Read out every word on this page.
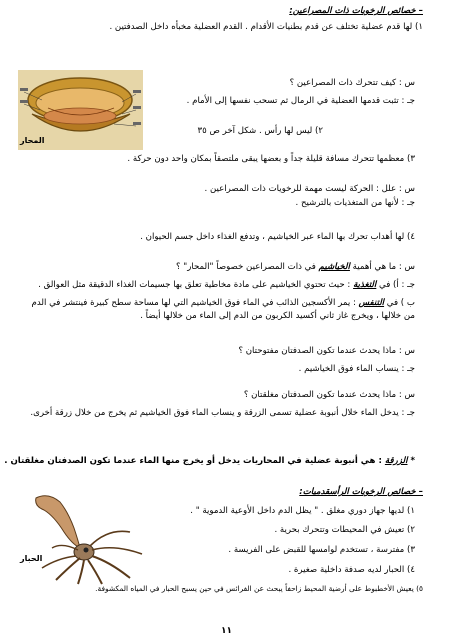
– خصائص الرخويات ذات المصراعين:
١) لها قدم عضلية تختلف عن قدم بطنيات الأقدام . القدم العضلية مخبأه داخل الصدفتين .
س : كيف تتحرك ذات المصراعين ؟
جـ : تثبت قدمها العضلية في الرمال ثم تسحب نفسها إلى الأمام .
٢) ليس لها رأس . شكل آخر ص ٣٥
٣) معظمها تتحرك مسافة قليلة جداً و بعضها يبقى ملتصقاً بمكان واحد دون حركة .
س : علل : الحركة ليست مهمة للرخويات ذات المصراعين .
جـ : لأنها من المتغذيات بالترشيح .
٤) لها أهداب تحرك بها الماء عبر الخياشيم ، وتدفع الغذاء داخل جسم الحيوان .
س : ما هي أهمية الخياشيم في ذات المصراعين خصوصاً "المحار" ؟
جـ : أ) في التغذية : حيث تحتوي الخياشيم على مادة مخاطية تعلق بها جسيمات الغذاء الدقيقة مثل العوالق .
ب ) في التنفس : يمر الأكسجين الذائب في الماء فوق الخياشيم التي لها مساحة سطح كبيرة فينتشر في الدم من خلالها ، ويخرج غاز ثاني أكسيد الكربون من الدم إلى الماء من خلالها أيضاً .
س : ماذا يحدث عندما تكون الصدفتان مفتوحتان ؟
جـ : ينساب الماء فوق الخياشيم .
س : ماذا يحدث عندما تكون الصدفتان مغلقتان ؟
جـ : يدخل الماء خلال أنبوبة عضلية تسمى الزرقة و ينساب الماء فوق الخياشيم ثم يخرج من خلال زرقة أخرى.
* الزرقة : هي أنبوبة عضلية في المحاريات يدخل أو يخرج منها الماء عندما تكون الصدفتان مغلقتان .
– خصائص الرخويات الرأسقدميات:
١) لديها جهاز دوري مغلق . " يظل الدم داخل الأوعية الدموية " .
٢) تعيش في المحيطات وتتحرك بحرية .
٣) مفترسة ، تستخدم لوامسها للقبض على الفريسة .
٤) الحبار لديه صدفة داخلية صغيرة .
٥) يعيش الأخطبوط على أرضية المحيط زاحفاً يبحث عن الفرائس في حين يسبح الحبار في المياه المكشوفة.
المحار
الحبار
١١
